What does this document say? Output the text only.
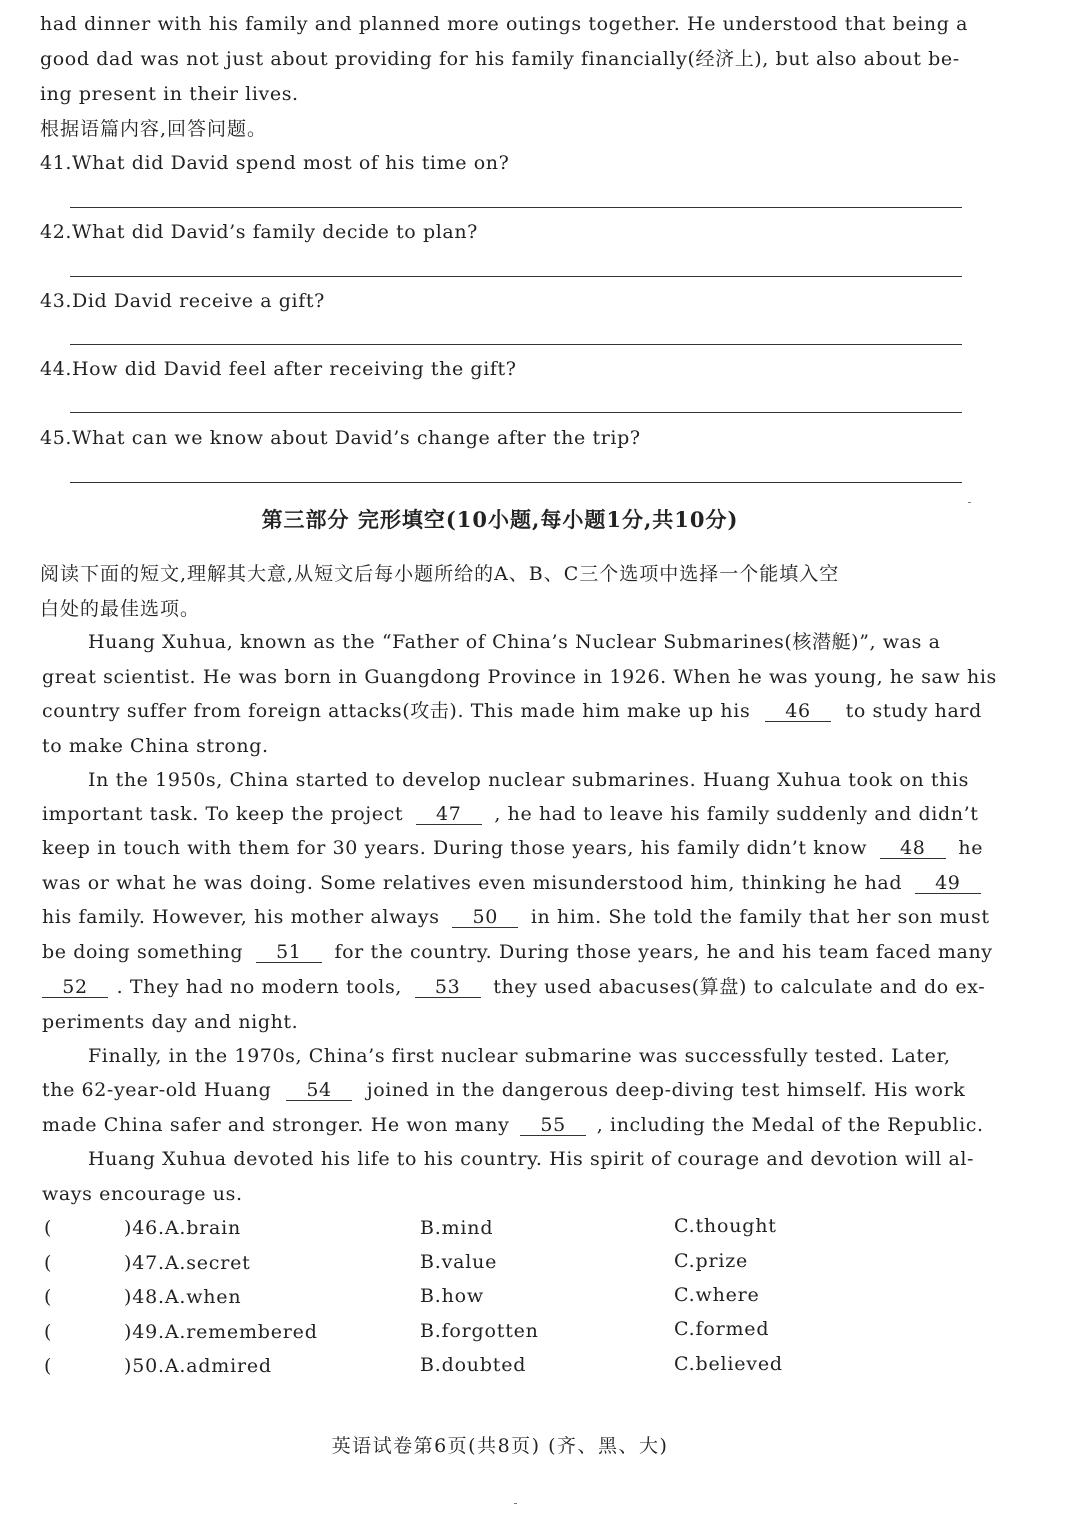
had dinner with his family and planned more outings together. He understood that being a
good dad was not just about providing for his family financially(经济上), but also about be-
ing present in their lives.
根据语篇内容,回答问题。
41.What did David spend most of his time on?
42.What did David’s family decide to plan?
43.Did David receive a gift?
44.How did David feel after receiving the gift?
45.What can we know about David’s change after the trip?
第三部分 完形填空(10小题,每小题1分,共10分)
阅读下面的短文,理解其大意,从短文后每小题所给的A、B、C三个选项中选择一个能填入空
白处的最佳选项。
Huang Xuhua, known as the “Father of China’s Nuclear Submarines(核潜艇)”, was a
great scientist. He was born in Guangdong Province in 1926. When he was young, he saw his
country suffer from foreign attacks(攻击). This made him make up his 46 to study hard
to make China strong.
In the 1950s, China started to develop nuclear submarines. Huang Xuhua took on this
important task. To keep the project 47 , he had to leave his family suddenly and didn’t
keep in touch with them for 30 years. During those years, his family didn’t know 48 he
was or what he was doing. Some relatives even misunderstood him, thinking he had 49
his family. However, his mother always 50 in him. She told the family that her son must
be doing something 51 for the country. During those years, he and his team faced many
52 . They had no modern tools, 53 they used abacuses(算盘) to calculate and do ex-
periments day and night.
Finally, in the 1970s, China’s first nuclear submarine was successfully tested. Later,
the 62-year-old Huang 54 joined in the dangerous deep-diving test himself. His work
made China safer and stronger. He won many 55 , including the Medal of the Republic.
Huang Xuhua devoted his life to his country. His spirit of courage and devotion will al-
ways encourage us.
(	)46.A.brain	B.mind	C.thought
(	)47.A.secret	B.value	C.prize
(	)48.A.when	B.how	C.where
(	)49.A.remembered	B.forgotten	C.formed
(	)50.A.admired	B.doubted	C.believed
英语试卷第6页(共8页) (齐、黑、大)
